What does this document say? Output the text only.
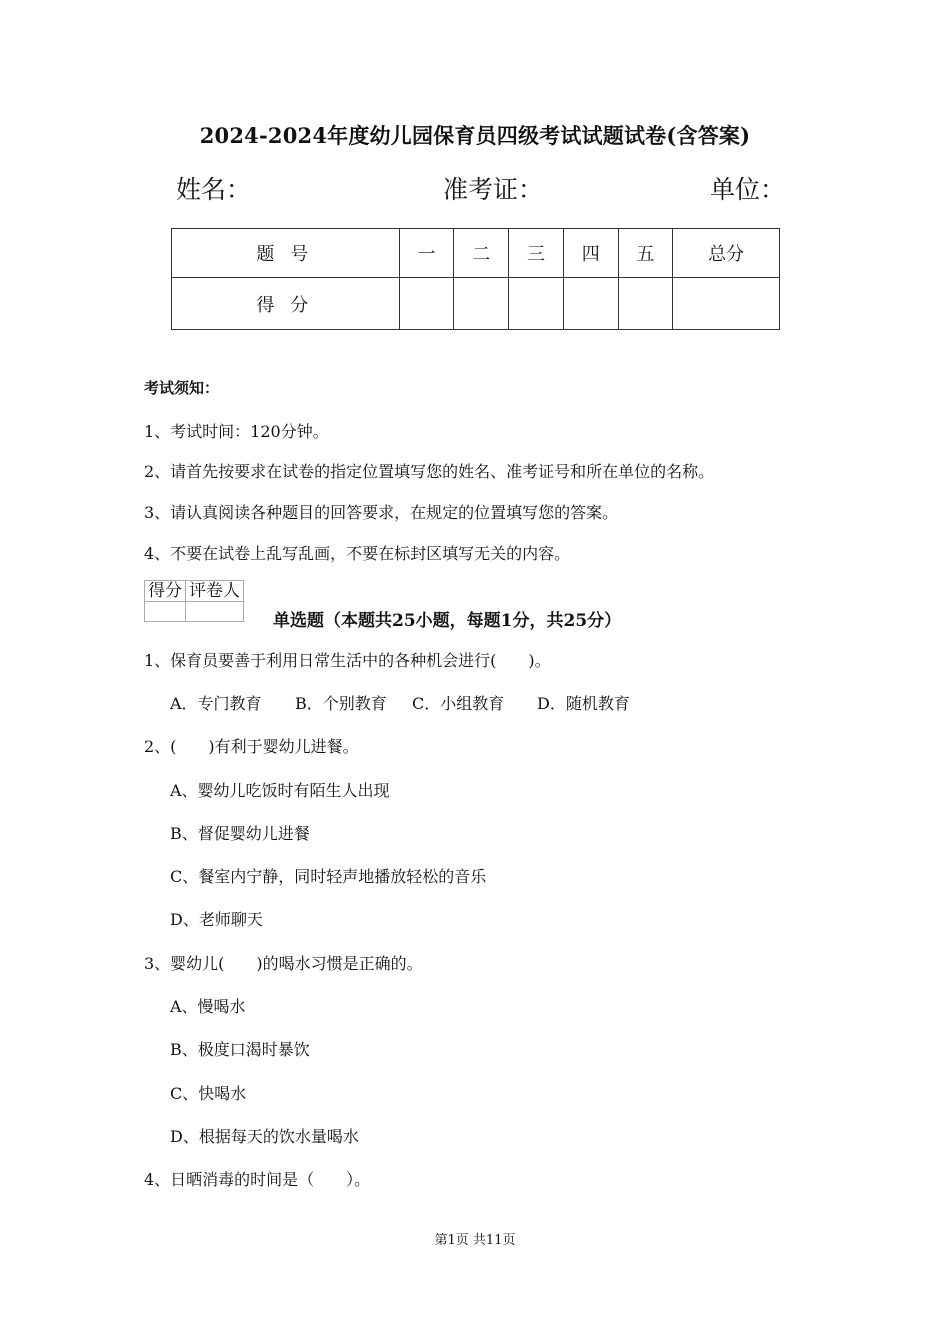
2024-2024年度幼儿园保育员四级考试试题试卷(含答案)
姓名：	准考证：	单位：
题号	一	二	三	四	五	总分
得分						
考试须知：
1、考试时间：120分钟。
2、请首先按要求在试卷的指定位置填写您的姓名、准考证号和所在单位的名称。
3、请认真阅读各种题目的回答要求，在规定的位置填写您的答案。
4、不要在试卷上乱写乱画，不要在标封区填写无关的内容。
得分	评卷人

单选题（本题共25小题，每题1分，共25分）
1、保育员要善于利用日常生活中的各种机会进行(　　)。
A．专门教育 B．个别教育 C．小组教育 D．随机教育
2、(　　)有利于婴幼儿进餐。
A、婴幼儿吃饭时有陌生人出现
B、督促婴幼儿进餐
C、餐室内宁静，同时轻声地播放轻松的音乐
D、老师聊天
3、婴幼儿(　　)的喝水习惯是正确的。
A、慢喝水
B、极度口渴时暴饮
C、快喝水
D、根据每天的饮水量喝水
4、日晒消毒的时间是（　　）。
第1页 共11页
